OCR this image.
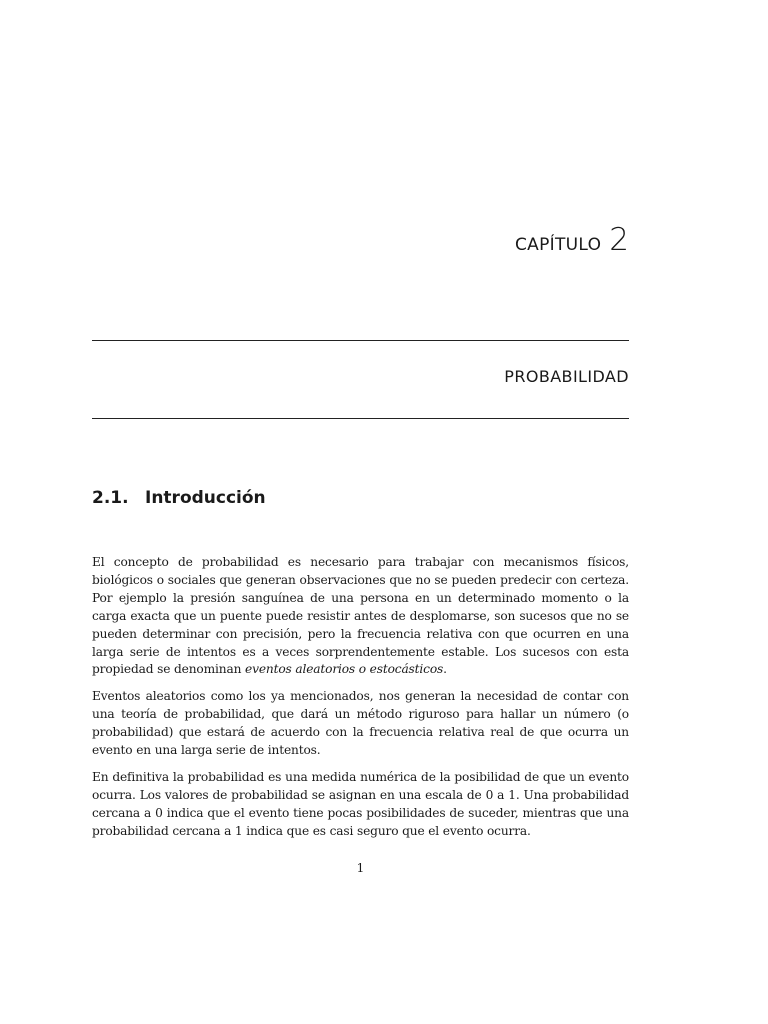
CAPÍTULO 2
PROBABILIDAD
2.1. Introducción

El concepto de probabilidad es necesario para trabajar con mecanismos físicos, biológicos o sociales que generan observaciones que no se pueden predecir con certeza. Por ejemplo la presión sanguínea de una persona en un determinado momento o la carga exacta que un puente puede resistir antes de desplomarse, son sucesos que no se pueden determinar con precisión, pero la frecuencia relativa con que ocurren en una larga serie de intentos es a veces sorprendentemente estable. Los sucesos con esta propiedad se denominan eventos aleatorios o estocásticos.

Eventos aleatorios como los ya mencionados, nos generan la necesidad de contar con una teoría de probabilidad, que dará un método riguroso para hallar un número (o probabilidad) que estará de acuerdo con la frecuencia relativa real de que ocurra un evento en una larga serie de intentos.

En definitiva la probabilidad es una medida numérica de la posibilidad de que un evento ocurra. Los valores de probabilidad se asignan en una escala de 0 a 1. Una probabilidad cercana a 0 indica que el evento tiene pocas posibilidades de suceder, mientras que una probabilidad cercana a 1 indica que es casi seguro que el evento ocurra.

1
